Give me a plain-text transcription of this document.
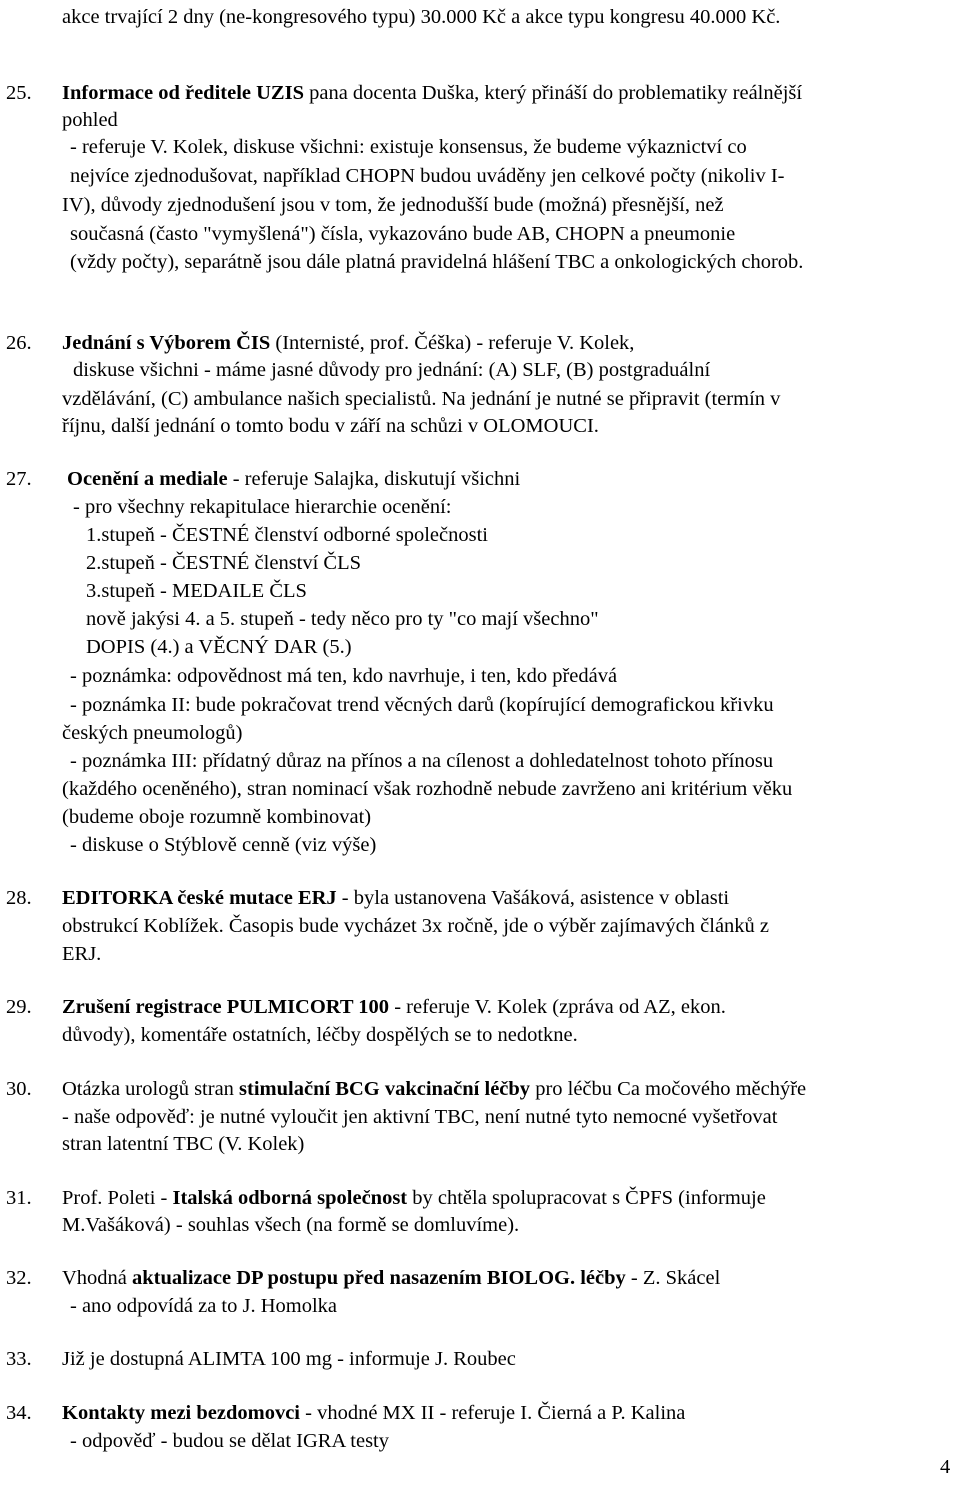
akce trvající 2 dny (ne-kongresového typu) 30.000 Kč a akce typu kongresu 40.000 Kč.
25. Informace od ředitele UZIS pana docenta Duška, který přináší do problematiky reálnější
pohled
- referuje V. Kolek, diskuse všichni: existuje konsensus, že budeme výkaznictví co
nejvíce zjednodušovat, například CHOPN budou uváděny jen celkové počty (nikoliv I-
IV), důvody zjednodušení jsou v tom, že jednodušší bude (možná) přesnější, než
současná (často "vymyšlená") čísla, vykazováno bude AB, CHOPN a pneumonie
(vždy počty), separátně jsou dále platná pravidelná hlášení TBC a onkologických chorob.
26. Jednání s Výborem ČIS (Internisté, prof. Čéška) - referuje V. Kolek,
diskuse všichni - máme jasné důvody pro jednání: (A) SLF, (B) postgraduální
vzdělávání, (C) ambulance našich specialistů. Na jednání je nutné se připravit (termín v
říjnu, další jednání o tomto bodu v září na schůzi v OLOMOUCI.
27. Ocenění a mediale - referuje Salajka, diskutují všichni
- pro všechny rekapitulace hierarchie ocenění:
1.stupeň - ČESTNÉ členství odborné společnosti
2.stupeň - ČESTNÉ členství ČLS
3.stupeň - MEDAILE ČLS
nově jakýsi 4. a 5. stupeň - tedy něco pro ty "co mají všechno"
DOPIS (4.) a VĚCNÝ DAR (5.)
- poznámka: odpovědnost má ten, kdo navrhuje, i ten, kdo předává
- poznámka II: bude pokračovat trend věcných darů (kopírující demografickou křivku
českých pneumologů)
- poznámka III: přídatný důraz na přínos a na cílenost a dohledatelnost tohoto přínosu
(každého oceněného), stran nominací však rozhodně nebude zavrženo ani kritérium věku
(budeme oboje rozumně kombinovat)
- diskuse o Stýblově cenně (viz výše)
28. EDITORKA české mutace ERJ - byla ustanovena Vašáková, asistence v oblasti
obstrukcí Koblížek. Časopis bude vycházet 3x ročně, jde o výběr zajímavých článků z
ERJ.
29. Zrušení registrace PULMICORT 100 - referuje V. Kolek (zpráva od AZ, ekon.
důvody), komentáře ostatních, léčby dospělých se to nedotkne.
30. Otázka urologů stran stimulační BCG vakcinační léčby pro léčbu Ca močového měchýře
- naše odpověď: je nutné vyloučit jen aktivní TBC, není nutné tyto nemocné vyšetřovat
stran latentní TBC (V. Kolek)
31. Prof. Poleti - Italská odborná společnost by chtěla spolupracovat s ČPFS (informuje
M.Vašáková) - souhlas všech (na formě se domluvíme).
32. Vhodná aktualizace DP postupu před nasazením BIOLOG. léčby - Z. Skácel
- ano odpovídá za to J. Homolka
33. Již je dostupná ALIMTA 100 mg - informuje J. Roubec
34. Kontakty mezi bezdomovci - vhodné MX II - referuje I. Čierná a P. Kalina
- odpověď - budou se dělat IGRA testy
4
